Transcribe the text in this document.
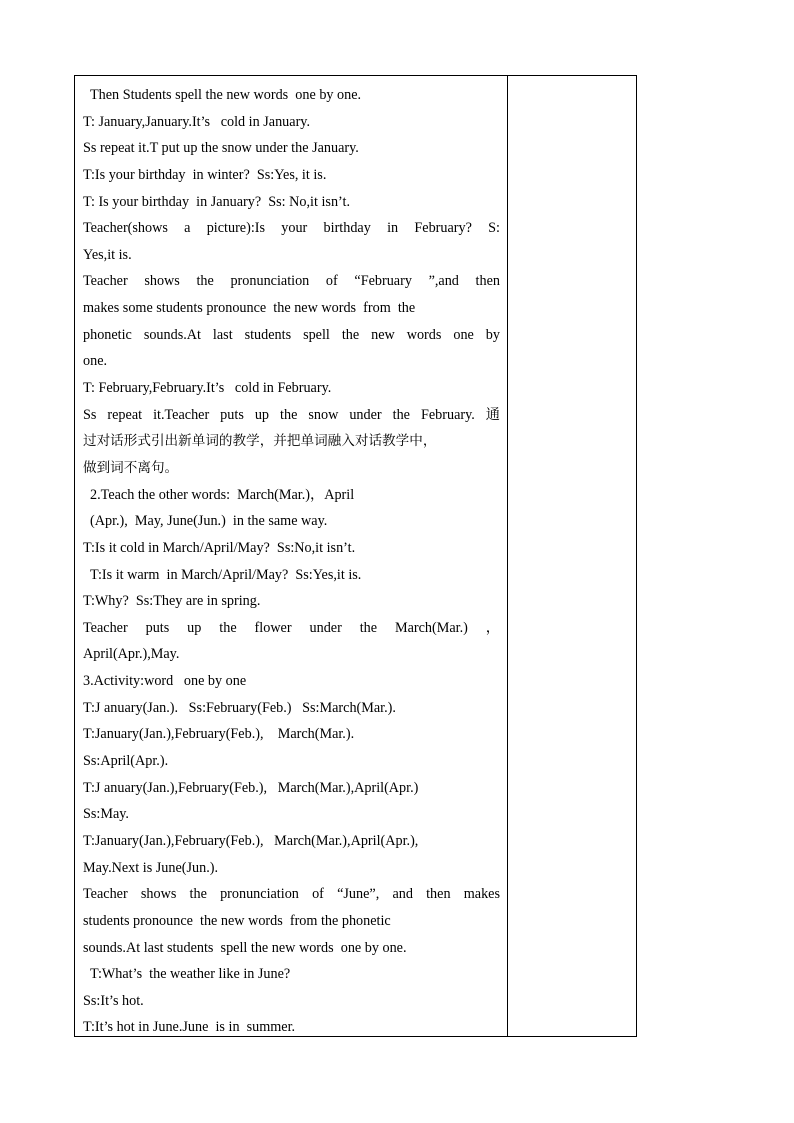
Then Students spell the new words  one by one.
T: January,January.It’s   cold in January.
Ss repeat it.T put up the snow under the January.
T:Is your birthday  in winter?  Ss:Yes, it is.
T: Is your birthday  in January?  Ss: No,it isn’t.
Teacher(shows a picture):Is your birthday in February? S:
Yes,it is.
Teacher shows the pronunciation of “February ”,and then
makes some students pronounce  the new words  from  the
phonetic sounds.At last students spell the new words one by
one.
T: February,February.It’s   cold in February.
Ss repeat it.Teacher puts up the snow under the February. 通
过对话形式引出新单词的教学，并把单词融入对话教学中，
做到词不离句。
2.Teach the other words:  March(Mar.)，April
(Apr.),  May, June(Jun.)  in the same way.
T:Is it cold in March/April/May?  Ss:No,it isn’t.
T:Is it warm  in March/April/May?  Ss:Yes,it is.
T:Why?  Ss:They are in spring.
Teacher puts up the flower under the March(Mar.) ，
April(Apr.),May.
3.Activity:word   one by one
T:J anuary(Jan.).   Ss:February(Feb.)   Ss:March(Mar.).
T:January(Jan.),February(Feb.),    March(Mar.).
Ss:April(Apr.).
T:J anuary(Jan.),February(Feb.),   March(Mar.),April(Apr.)
Ss:May.
T:January(Jan.),February(Feb.),   March(Mar.),April(Apr.),
May.Next is June(Jun.).
Teacher shows the pronunciation of “June”, and then makes
students pronounce  the new words  from the phonetic
sounds.At last students  spell the new words  one by one.
T:What’s  the weather like in June?
Ss:It’s hot.
T:It’s hot in June.June  is in  summer.
